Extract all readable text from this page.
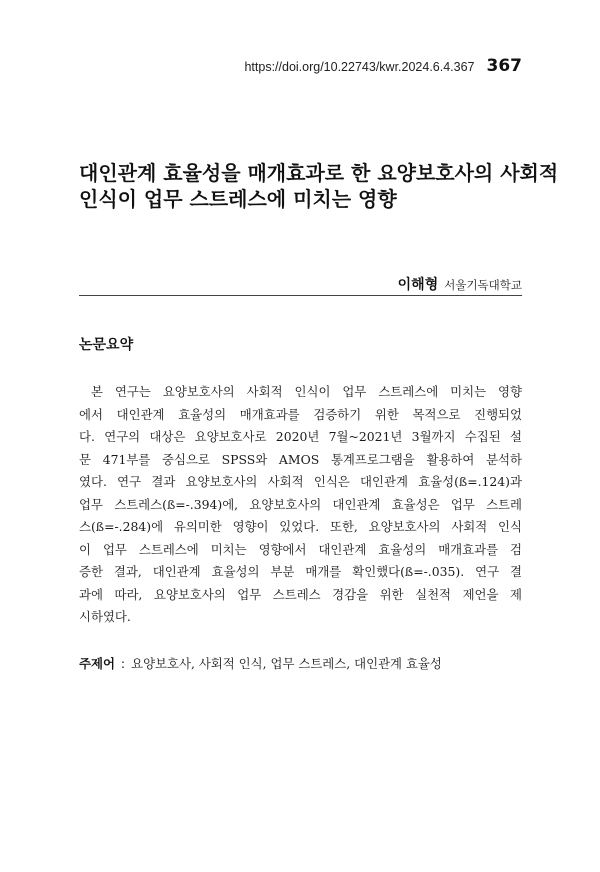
https://doi.org/10.22743/kwr.2024.6.4.367 367
대인관계 효율성을 매개효과로 한 요양보호사의 사회적
인식이 업무 스트레스에 미치는 영향
이해형 서울기독대학교
논문요약
본 연구는 요양보호사의 사회적 인식이 업무 스트레스에 미치는 영향
에서 대인관계 효율성의 매개효과를 검증하기 위한 목적으로 진행되었
다. 연구의 대상은 요양보호사로 2020년 7월~2021년 3월까지 수집된 설
문 471부를 중심으로 SPSS와 AMOS 통계프로그램을 활용하여 분석하
였다. 연구 결과 요양보호사의 사회적 인식은 대인관계 효율성(ß=.124)과
업무 스트레스(ß=-.394)에, 요양보호사의 대인관계 효율성은 업무 스트레
스(ß=-.284)에 유의미한 영향이 있었다. 또한, 요양보호사의 사회적 인식
이 업무 스트레스에 미치는 영향에서 대인관계 효율성의 매개효과를 검
증한 결과, 대인관계 효율성의 부분 매개를 확인했다(ß=-.035). 연구 결
과에 따라, 요양보호사의 업무 스트레스 경감을 위한 실천적 제언을 제
시하였다.
주제어 : 요양보호사, 사회적 인식, 업무 스트레스, 대인관계 효율성
